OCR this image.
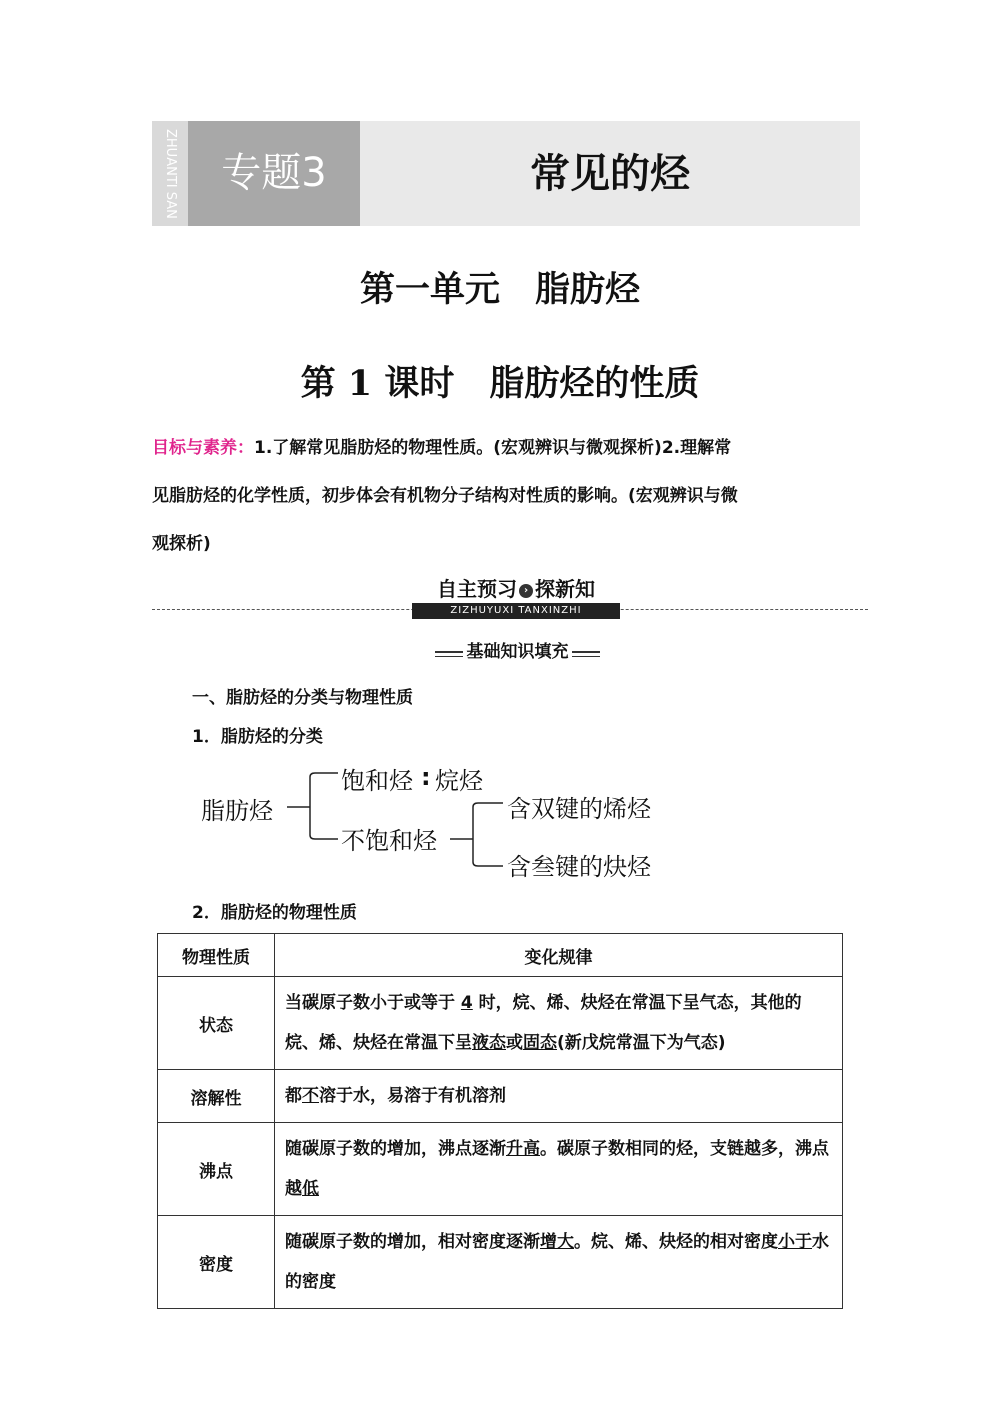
ZHUANTI SAN	专题3	常见的烃
第一单元　脂肪烃
第 1 课时　脂肪烃的性质
目标与素养：1.了解常见脂肪烃的物理性质。(宏观辨识与微观探析)2.理解常
见脂肪烃的化学性质，初步体会有机物分子结构对性质的影响。(宏观辨识与微
观探析)
自主预习 › 探新知
ZIZHUYUXI TANXINZHI
基础知识填充
一、脂肪烃的分类与物理性质
1．脂肪烃的分类
脂肪烃
饱和烃 : 烷烃
不饱和烃
含双键的烯烃
含叁键的炔烃
2．脂肪烃的物理性质
物理性质	变化规律
状态	当碳原子数小于或等于 4 时，烷、烯、炔烃在常温下呈气态，其他的烷、烯、炔烃在常温下呈液态或固态(新戊烷常温下为气态)
溶解性	都不溶于水，易溶于有机溶剂
沸点	随碳原子数的增加，沸点逐渐升高。碳原子数相同的烃，支链越多，沸点越低
密度	随碳原子数的增加，相对密度逐渐增大。烷、烯、炔烃的相对密度小于水的密度
